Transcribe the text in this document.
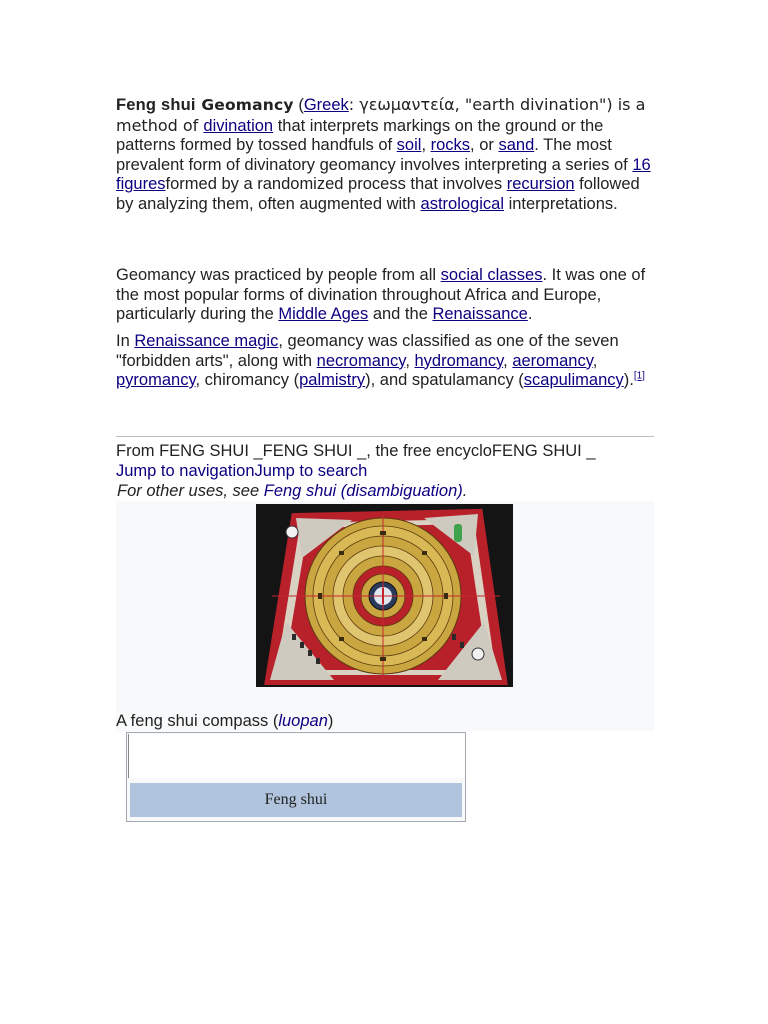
Feng shui Geomancy (Greek: γεωμαντεία, "earth divination") is a method of divination that interprets markings on the ground or the patterns formed by tossed handfuls of soil, rocks, or sand. The most prevalent form of divinatory geomancy involves interpreting a series of 16 figuresformed by a randomized process that involves recursion followed by analyzing them, often augmented with astrological interpretations.
Geomancy was practiced by people from all social classes. It was one of the most popular forms of divination throughout Africa and Europe, particularly during the Middle Ages and the Renaissance.
In Renaissance magic, geomancy was classified as one of the seven "forbidden arts", along with necromancy, hydromancy, aeromancy, pyromancy, chiromancy (palmistry), and spatulamancy (scapulimancy).[1]
From FENG SHUI _FENG SHUI _, the free encycloFENG SHUI _
Jump to navigationJump to search
For other uses, see Feng shui (disambiguation).
A feng shui compass (luopan)
Feng shui
